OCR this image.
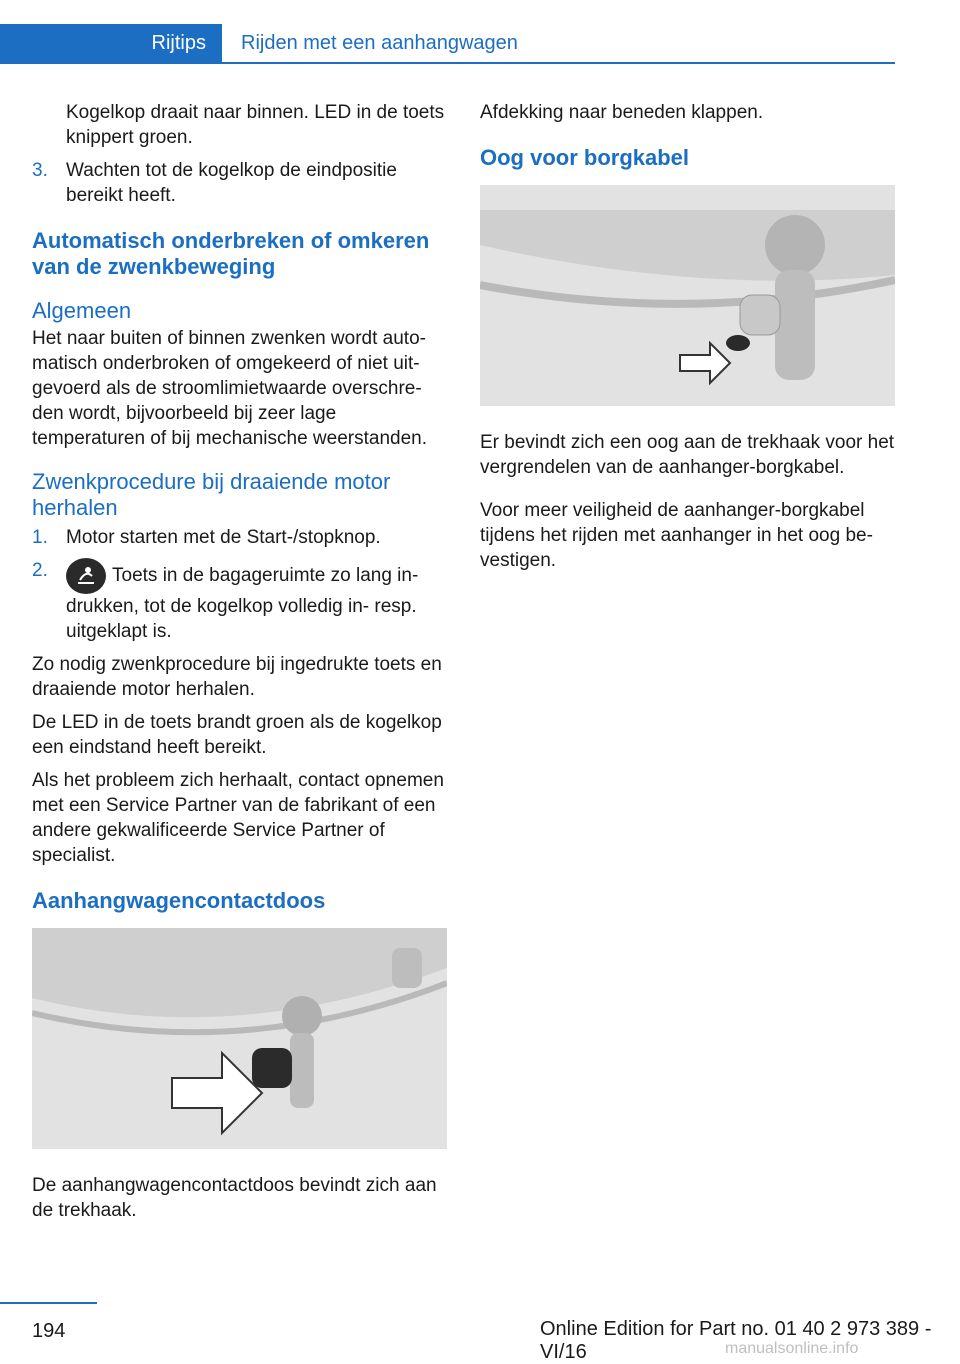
Rijtips	Rijden met een aanhangwagen

Kogelkop draait naar binnen. LED in de toets knippert groen.

3. Wachten tot de kogelkop de eindpositie bereikt heeft.
Automatisch onderbreken of omkeren van de zwenkbeweging
Algemeen

Het naar buiten of binnen zwenken wordt automatisch onderbroken of omgekeerd of niet uitgevoerd als de stroomlimietwaarde overschreden wordt, bijvoorbeeld bij zeer lage temperaturen of bij mechanische weerstanden.

Zwenkprocedure bij draaiende motor herhalen
1. Motor starten met de Start-/stopknop.
2.	Toets in de bagageruimte zo lang indrukken, tot de kogelkop volledig in- resp. uitgeklapt is.

Zo nodig zwenkprocedure bij ingedrukte toets en draaiende motor herhalen.

De LED in de toets brandt groen als de kogelkop een eindstand heeft bereikt.

Als het probleem zich herhaalt, contact opnemen met een Service Partner van de fabrikant of een andere gekwalificeerde Service Partner of specialist.

Aanhangwagencontactdoos

De aanhangwagencontactdoos bevindt zich aan de trekhaak.

Afdekking naar beneden klappen.

Oog voor borgkabel

Er bevindt zich een oog aan de trekhaak voor het vergrendelen van de aanhanger-borgkabel.

Voor meer veiligheid de aanhanger-borgkabel tijdens het rijden met aanhanger in het oog bevestigen.

194	Online Edition for Part no. 01 40 2 973 389 - VI/16	manualsonline.info
